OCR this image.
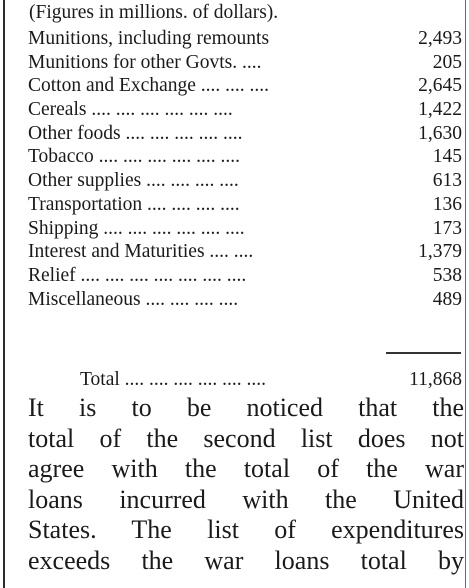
(Figures in millions. of dollars).
Munitions, including remounts	2,493
Munitions for other Govts. ....	205
Cotton and Exchange .... .... ....	2,645
Cereals .... .... .... .... .... ....	1,422
Other foods .... .... .... .... ....	1,630
Tobacco .... .... .... .... .... ....	145
Other supplies .... .... .... ....	613
Transportation .... .... .... ....	136
Shipping .... .... .... .... .... ....	173
Interest and Maturities .... ....	1,379
Relief .... .... .... .... .... .... ....	538
Miscellaneous .... .... .... ....	489
Total .... .... .... .... .... ....	11,868
It is to be noticed that the
total of the second list does not
agree with the total of the war
loans incurred with the United
States. The list of expenditures
exceeds the war loans total by
